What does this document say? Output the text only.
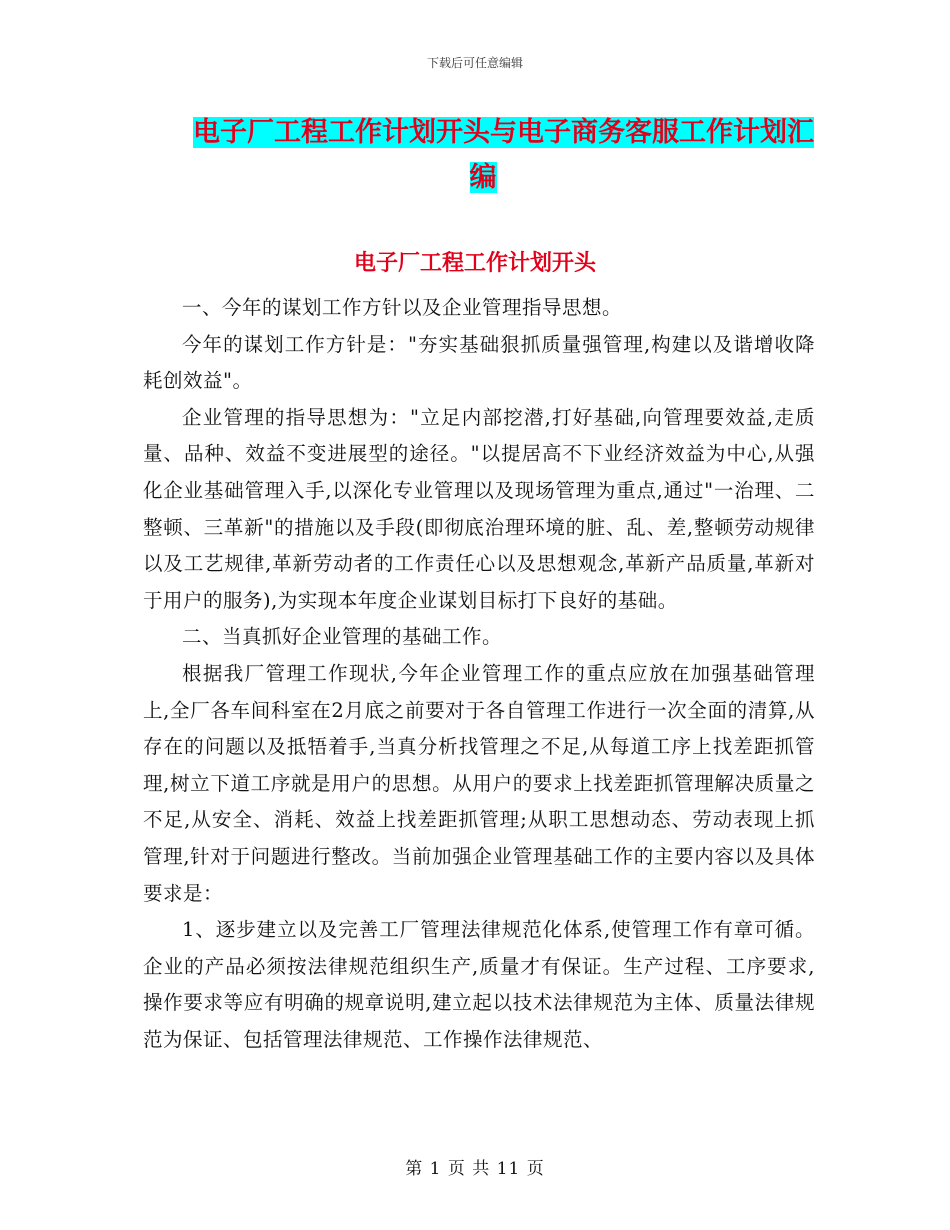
下载后可任意编辑
电子厂工程工作计划开头与电子商务客服工作计划汇
编
电子厂工程工作计划开头

一、今年的谋划工作方针以及企业管理指导思想。

今年的谋划工作方针是："夯实基础狠抓质量强管理,构建以及谐增收降耗创效益"。

企业管理的指导思想为："立足内部挖潜,打好基础,向管理要效益,走质量、品种、效益不变进展型的途径。"以提居高不下业经济效益为中心,从强化企业基础管理入手,以深化专业管理以及现场管理为重点,通过"一治理、二整顿、三革新"的措施以及手段(即彻底治理环境的脏、乱、差,整顿劳动规律以及工艺规律,革新劳动者的工作责任心以及思想观念,革新产品质量,革新对于用户的服务),为实现本年度企业谋划目标打下良好的基础。

二、当真抓好企业管理的基础工作。

根据我厂管理工作现状,今年企业管理工作的重点应放在加强基础管理上,全厂各车间科室在2月底之前要对于各自管理工作进行一次全面的清算,从存在的问题以及抵牾着手,当真分析找管理之不足,从每道工序上找差距抓管理,树立下道工序就是用户的思想。从用户的要求上找差距抓管理解决质量之不足,从安全、消耗、效益上找差距抓管理;从职工思想动态、劳动表现上抓管理,针对于问题进行整改。当前加强企业管理基础工作的主要内容以及具体要求是：

1、逐步建立以及完善工厂管理法律规范化体系,使管理工作有章可循。企业的产品必须按法律规范组织生产,质量才有保证。生产过程、工序要求,操作要求等应有明确的规章说明,建立起以技术法律规范为主体、质量法律规范为保证、包括管理法律规范、工作操作法律规范、

第 1 页 共 11 页
